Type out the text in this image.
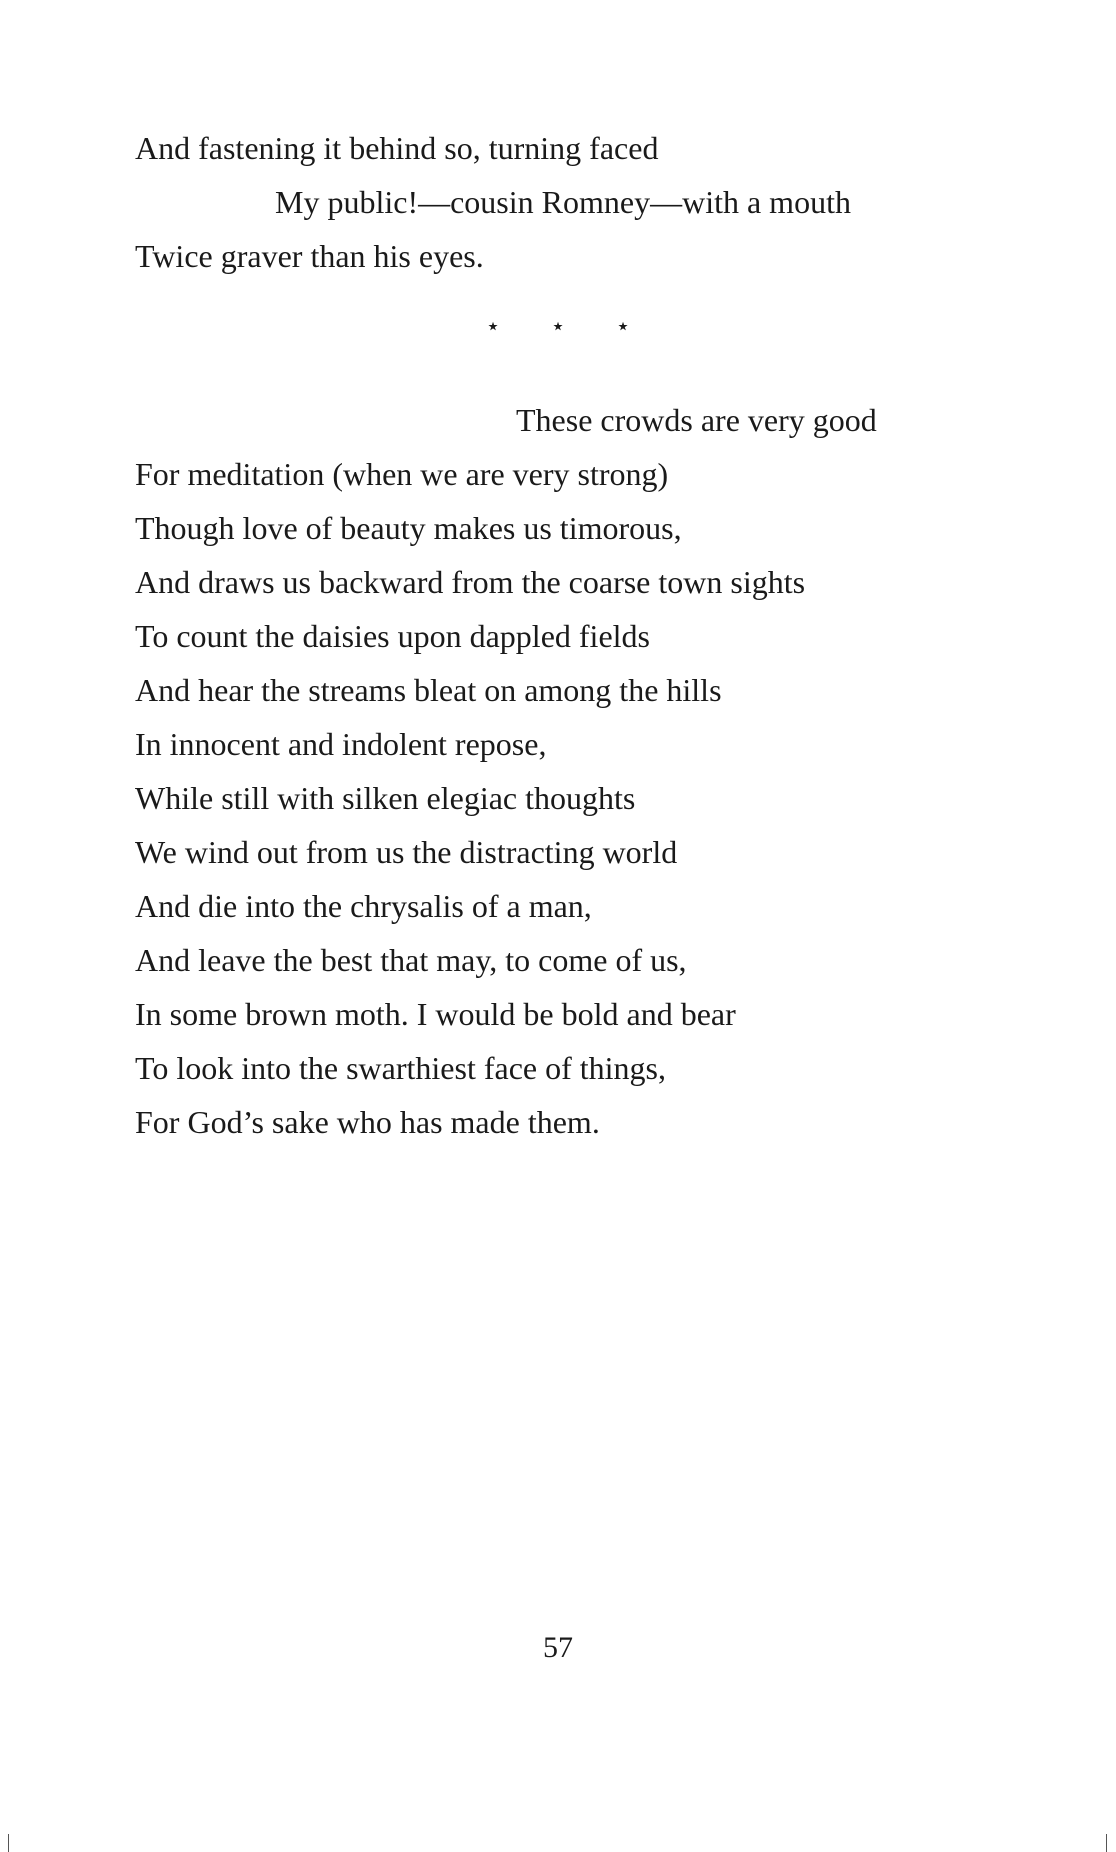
And fastening it behind so, turning faced
My public!—cousin Romney—with a mouth
Twice graver than his eyes.
⋆ ⋆ ⋆
These crowds are very good
For meditation (when we are very strong)
Though love of beauty makes us timorous,
And draws us backward from the coarse town sights
To count the daisies upon dappled fields
And hear the streams bleat on among the hills
In innocent and indolent repose,
While still with silken elegiac thoughts
We wind out from us the distracting world
And die into the chrysalis of a man,
And leave the best that may, to come of us,
In some brown moth. I would be bold and bear
To look into the swarthiest face of things,
For God’s sake who has made them.
57
